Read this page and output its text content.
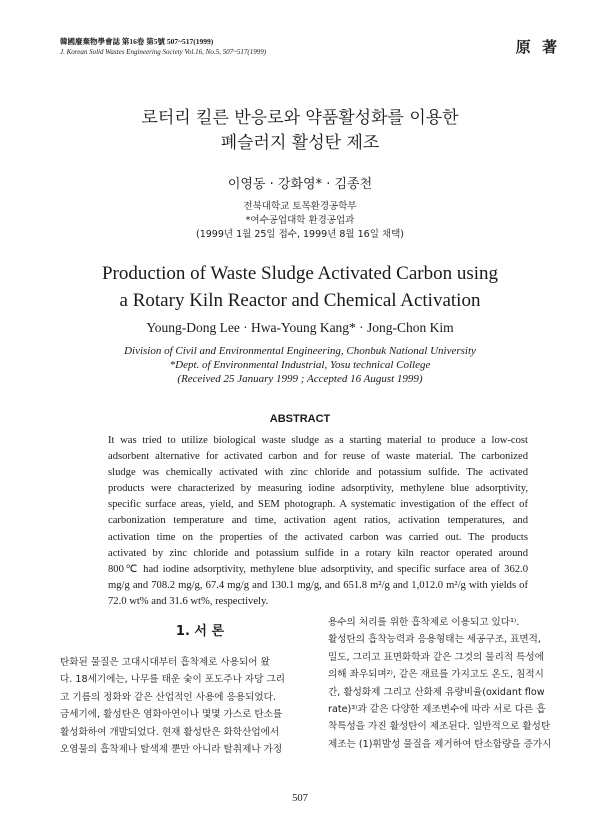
韓國廢棄物學會誌 第16卷 第5號 507~517(1999)
J. Korean Solid Wastes Engineering Society Vol.16, No.5, 507~517(1999)	原 著
로터리 킬른 반응로와 약품활성화를 이용한
폐슬러지 활성탄 제조
이영동 · 강화영* · 김종천
전북대학교 토목환경공학부
*여수공업대학 환경공업과
(1999년 1월 25일 접수, 1999년 8월 16일 채택)
Production of Waste Sludge Activated Carbon using
a Rotary Kiln Reactor and Chemical Activation
Young-Dong Lee · Hwa-Young Kang* · Jong-Chon Kim
Division of Civil and Environmental Engineering, Chonbuk National University
*Dept. of Environmental Industrial, Yosu technical College
(Received 25 January 1999 ; Accepted 16 August 1999)
ABSTRACT
It was tried to utilize biological waste sludge as a starting material to produce a low-cost
adsorbent alternative for activated carbon and for reuse of waste material. The carbonized
sludge was chemically activated with zinc chloride and potassium sulfide. The activated
products were characterized by measuring iodine adsorptivity, methylene blue adsorptivity,
specific surface areas, yield, and SEM photograph. A systematic investigation of the effect of
carbonization temperature and time, activation agent ratios, activation temperatures, and
activation time on the properties of the activated carbon was carried out. The products
activated by zinc chloride and potassium sulfide in a rotary kiln reactor operated around
800℃ had iodine adsorptivity, methylene blue adsorptivity, and specific surface area of 362.0
mg/g and 708.2 mg/g, 67.4 mg/g and 130.1 mg/g, and 651.8 m²/g and 1,012.0 m²/g with yields of
72.0 wt% and 31.6 wt%, respectively.
1. 서 론
탄화된 물질은 고대시대부터 흡착제로 사용되어 왔
다. 18세기에는, 나무를 태운 숯이 포도주나 자당 그리
고 기름의 정화와 같은 산업적인 사용에 응용되었다.
금세기에, 활성탄은 염화아연이나 몇몇 가스로 탄소를
활성화하여 개발되었다. 현재 활성탄은 화학산업에서
오염물의 흡착제나 탈색제 뿐만 아니라 탈취제나 가정
용수의 처리를 위한 흡착제로 이용되고 있다¹⁾.
활성탄의 흡착능력과 응용형태는 세공구조, 표면적,
밀도, 그리고 표면화학과 같은 그것의 물리적 특성에
의해 좌우되며²⁾, 같은 재료를 가지고도 온도, 침적시
간, 활성화제 그리고 산화제 유량비율(oxidant flow
rate)³⁾과 같은 다양한 제조변수에 따라 서로 다른 흡
착특성을 가진 활성탄이 제조된다. 일반적으로 활성탄
제조는 (1)휘발성 물질을 제거하여 탄소함량을 증가시
507
